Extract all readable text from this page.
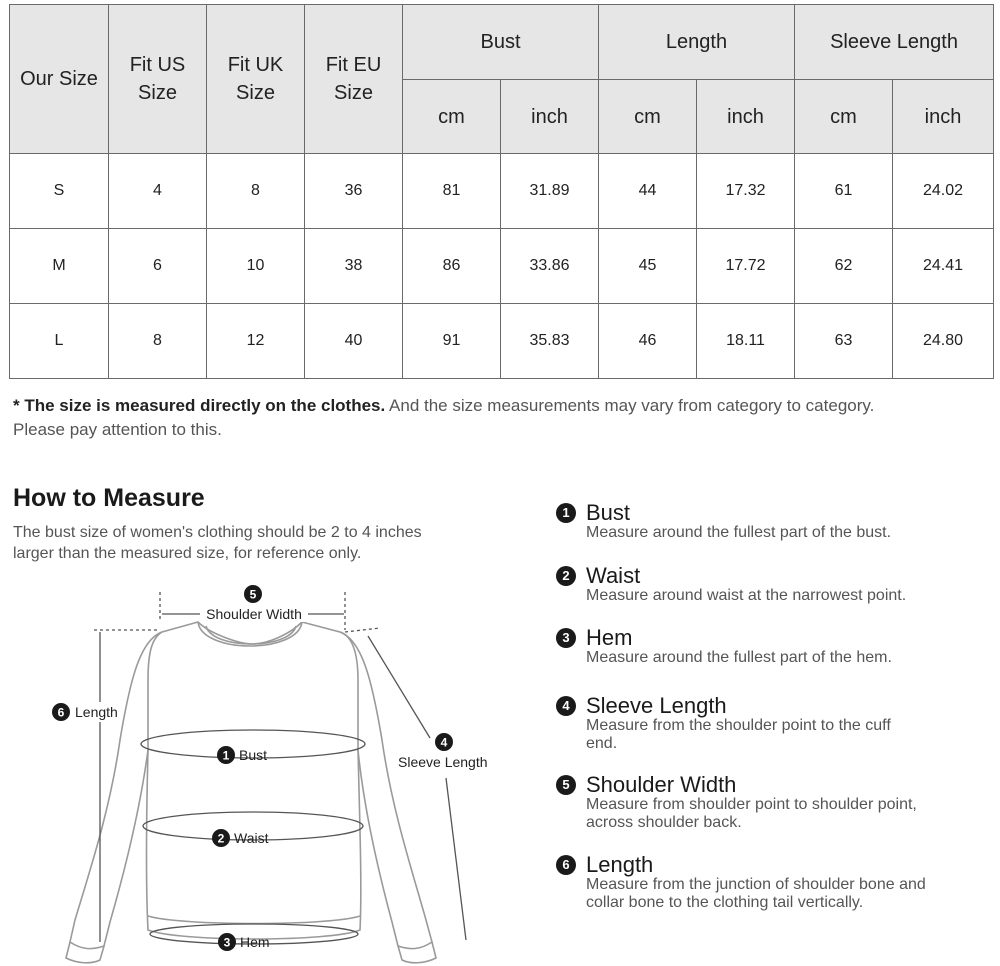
Our Size	Fit US Size	Fit UK Size	Fit EU Size	Bust		Length		Sleeve Length	
				cm	inch	cm	inch	cm	inch
S	4	8	36	81	31.89	44	17.32	61	24.02
M	6	10	38	86	33.86	45	17.72	62	24.41
L	8	12	40	91	35.83	46	18.11	63	24.80
* The size is measured directly on the clothes. And the size measurements may vary from category to category. Please pay attention to this.
How to Measure
The bust size of women's clothing should be 2 to 4 inches larger than the measured size, for reference only.
5
6
1
2
4
3
Shoulder Width
Length
Bust
Waist
Sleeve Length
Hem
1 Bust
Measure around the fullest part of the bust.
2 Waist
Measure around waist at the narrowest point.
3 Hem
Measure around the fullest part of the hem.
4 Sleeve Length
Measure from the shoulder point to the cuff end.
5 Shoulder Width
Measure from shoulder point to shoulder point, across shoulder back.
6 Length
Measure from the junction of shoulder bone and collar bone to the clothing tail vertically.
